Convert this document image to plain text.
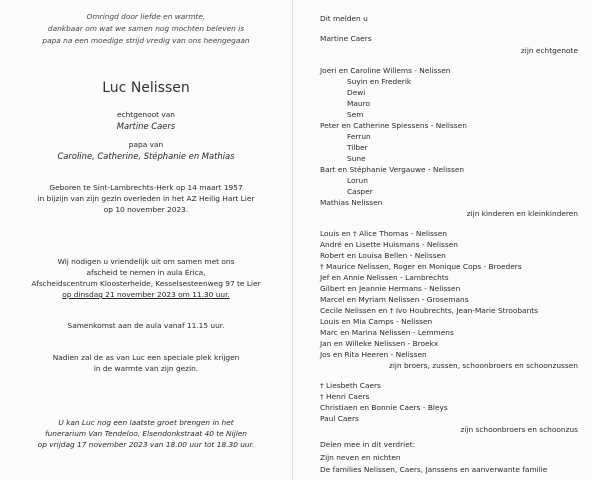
Omringd door liefde en warmte,
dankbaar om wat we samen nog mochten beleven is
papa na een moedige strijd vredig van ons heengegaan
Luc Nelissen
echtgenoot van
Martine Caers
papa van
Caroline, Catherine, Stéphanie en Mathias
Geboren te Sint-Lambrechts-Herk op 14 maart 1957
in bijzijn van zijn gezin overleden in het AZ Heilig Hart Lier
op 10 november 2023.
Wij nodigen u vriendelijk uit om samen met ons
afscheid te nemen in aula Erica,
Afscheidscentrum Kloosterheide, Kesselsesteenweg 97 te Lier
op dinsdag 21 november 2023 om 11.30 uur.
Samenkomst aan de aula vanaf 11.15 uur.
Nadien zal de as van Luc een speciale plek krijgen
in de warmte van zijn gezin.
U kan Luc nog een laatste groet brengen in het
funerarium Van Tendeloo, Elsendonkstraat 40 te Nijlen
op vrijdag 17 november 2023 van 18.00 uur tot 18.30 uur.
Dit melden u
Martine Caers
zijn echtgenote
Joeri en Caroline Willems - Nelissen
Suyin en Frederik
Dewi
Mauro
Sem
Peter en Catherine Spiessens - Nelissen
Ferrun
Tilber
Sune
Bart en Stéphanie Vergauwe - Nelissen
Lorun
Casper
Mathias Nelissen
zijn kinderen en kleinkinderen
Louis en † Alice Thomas - Nelissen
André en Lisette Huismans - Nelissen
Robert en Louisa Bellen - Nelissen
† Maurice Nelissen, Roger en Monique Cops - Broeders
Jef en Annie Nelissen - Lambrechts
Gilbert en Jeannie Hermans - Nelissen
Marcel en Myriam Nelissen - Grosemans
Cecile Nelissen en † Ivo Houbrechts, Jean-Marie Stroobants
Louis en Mia Camps - Nelissen
Marc en Marina Nelissen - Lemmens
Jan en Willeke Nelissen - Broekx
Jos en Rita Heeren - Nelissen
zijn broers, zussen, schoonbroers en schoonzussen
† Liesbeth Caers
† Henri Caers
Christiaen en Bonnie Caers - Bleys
Paul Caers
zijn schoonbroers en schoonzus
Delen mee in dit verdriet:
Zijn neven en nichten
De families Nelissen, Caers, Janssens en aanverwante familie
